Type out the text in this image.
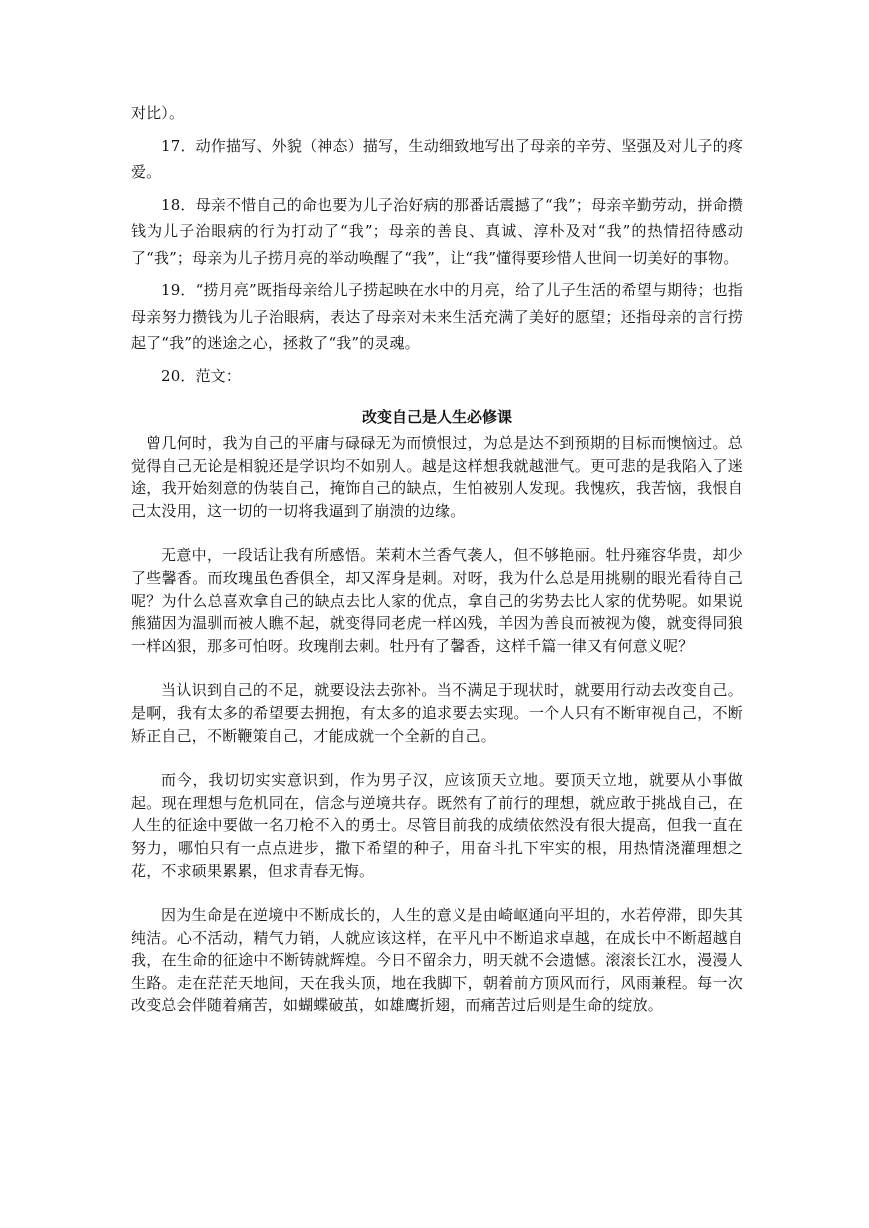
对比）。

17．动作描写、外貌（神态）描写，生动细致地写出了母亲的辛劳、坚强及对儿子的疼爱。

18．母亲不惜自己的命也要为儿子治好病的那番话震撼了“我”；母亲辛勤劳动，拼命攒钱为儿子治眼病的行为打动了“我”；母亲的善良、真诚、淳朴及对“我”的热情招待感动了“我”；母亲为儿子捞月亮的举动唤醒了“我”，让“我”懂得要珍惜人世间一切美好的事物。

19．“捞月亮”既指母亲给儿子捞起映在水中的月亮，给了儿子生活的希望与期待；也指母亲努力攒钱为儿子治眼病，表达了母亲对未来生活充满了美好的愿望；还指母亲的言行捞起了“我”的迷途之心，拯救了“我”的灵魂。

20．范文：

改变自己是人生必修课

曾几何时，我为自己的平庸与碌碌无为而愤恨过，为总是达不到预期的目标而懊恼过。总觉得自己无论是相貌还是学识均不如别人。越是这样想我就越泄气。更可悲的是我陷入了迷途，我开始刻意的伪装自己，掩饰自己的缺点，生怕被别人发现。我愧疚，我苦恼，我恨自己太没用，这一切的一切将我逼到了崩溃的边缘。

无意中，一段话让我有所感悟。茉莉木兰香气袭人，但不够艳丽。牡丹雍容华贵，却少了些馨香。而玫瑰虽色香俱全，却又浑身是刺。对呀，我为什么总是用挑剔的眼光看待自己呢？为什么总喜欢拿自己的缺点去比人家的优点，拿自己的劣势去比人家的优势呢。如果说熊猫因为温驯而被人瞧不起，就变得同老虎一样凶残，羊因为善良而被视为傻，就变得同狼一样凶狠，那多可怕呀。玫瑰削去刺。牡丹有了馨香，这样千篇一律又有何意义呢？

当认识到自己的不足，就要设法去弥补。当不满足于现状时，就要用行动去改变自己。是啊，我有太多的希望要去拥抱，有太多的追求要去实现。一个人只有不断审视自己，不断矫正自己，不断鞭策自己，才能成就一个全新的自己。

而今，我切切实实意识到，作为男子汉，应该顶天立地。要顶天立地，就要从小事做起。现在理想与危机同在，信念与逆境共存。既然有了前行的理想，就应敢于挑战自己，在人生的征途中要做一名刀枪不入的勇士。尽管目前我的成绩依然没有很大提高，但我一直在努力，哪怕只有一点点进步，撒下希望的种子，用奋斗扎下牢实的根，用热情浇灌理想之花，不求硕果累累，但求青春无悔。

因为生命是在逆境中不断成长的，人生的意义是由崎岖通向平坦的，水若停滞，即失其纯洁。心不活动，精气力销，人就应该这样，在平凡中不断追求卓越，在成长中不断超越自我，在生命的征途中不断铸就辉煌。今日不留余力，明天就不会遗憾。滚滚长江水，漫漫人生路。走在茫茫天地间，天在我头顶，地在我脚下，朝着前方顶风而行，风雨兼程。每一次改变总会伴随着痛苦，如蝴蝶破茧，如雄鹰折翅，而痛苦过后则是生命的绽放。
